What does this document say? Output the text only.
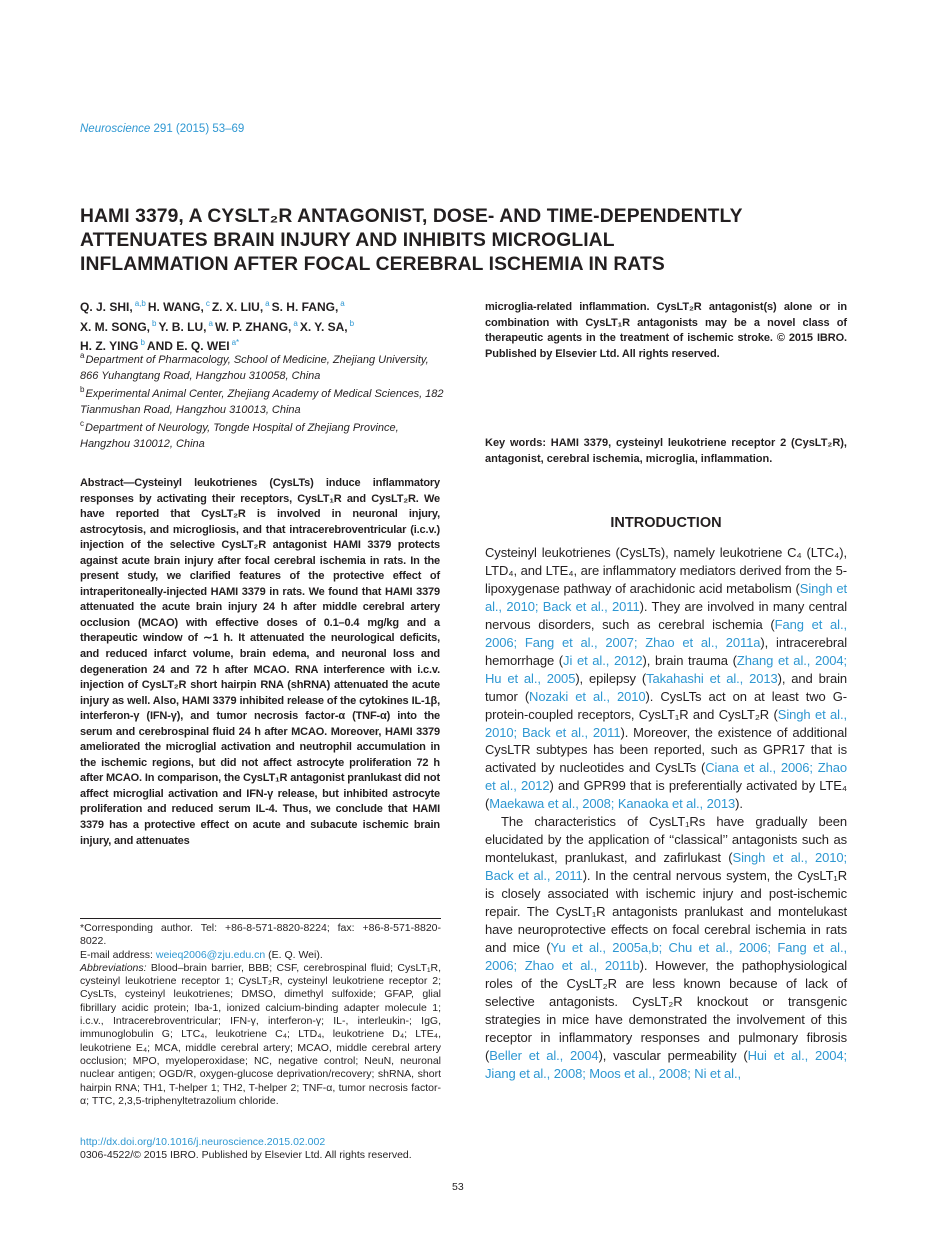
Neuroscience 291 (2015) 53–69
HAMI 3379, A CYSLT₂R ANTAGONIST, DOSE- AND TIME-DEPENDENTLY
ATTENUATES BRAIN INJURY AND INHIBITS MICROGLIAL
INFLAMMATION AFTER FOCAL CEREBRAL ISCHEMIA IN RATS
Q. J. SHI, $^{a,b}$ H. WANG, $^c$ Z. X. LIU, $^a$ S. H. FANG, $^a$
X. M. SONG, $^b$ Y. B. LU, $^a$ W. P. ZHANG, $^a$ X. Y. SA, $^b$
H. Z. YING $^b$ AND E. Q. WEI $^{a*}$
$^a$Department of Pharmacology, School of Medicine, Zhejiang University, 866 Yuhangtang Road, Hangzhou 310058, China
$^b$Experimental Animal Center, Zhejiang Academy of Medical Sciences, 182 Tianmushan Road, Hangzhou 310013, China
$^c$Department of Neurology, Tongde Hospital of Zhejiang Province, Hangzhou 310012, China
Abstract—Cysteinyl leukotrienes (CysLTs) induce inflammatory responses by activating their receptors, CysLT₁R and CysLT₂R. We have reported that CysLT₂R is involved in neuronal injury, astrocytosis, and microgliosis, and that intracerebroventricular (i.c.v.) injection of the selective CysLT₂R antagonist HAMI 3379 protects against acute brain injury after focal cerebral ischemia in rats. In the present study, we clarified features of the protective effect of intraperitoneally-injected HAMI 3379 in rats. We found that HAMI 3379 attenuated the acute brain injury 24 h after middle cerebral artery occlusion (MCAO) with effective doses of 0.1–0.4 mg/kg and a therapeutic window of ∼1 h. It attenuated the neurological deficits, and reduced infarct volume, brain edema, and neuronal loss and degeneration 24 and 72 h after MCAO. RNA interference with i.c.v. injection of CysLT₂R short hairpin RNA (shRNA) attenuated the acute injury as well. Also, HAMI 3379 inhibited release of the cytokines IL-1β, interferon-γ (IFN-γ), and tumor necrosis factor-α (TNF-α) into the serum and cerebrospinal fluid 24 h after MCAO. Moreover, HAMI 3379 ameliorated the microglial activation and neutrophil accumulation in the ischemic regions, but did not affect astrocyte proliferation 72 h after MCAO. In comparison, the CysLT₁R antagonist pranlukast did not affect microglial activation and IFN-γ release, but inhibited astrocyte proliferation and reduced serum IL-4. Thus, we conclude that HAMI 3379 has a protective effect on acute and subacute ischemic brain injury, and attenuates
microglia-related inflammation. CysLT₂R antagonist(s) alone or in combination with CysLT₁R antagonists may be a novel class of therapeutic agents in the treatment of ischemic stroke. © 2015 IBRO. Published by Elsevier Ltd. All rights reserved.
Key words: HAMI 3379, cysteinyl leukotriene receptor 2 (CysLT₂R), antagonist, cerebral ischemia, microglia, inflammation.
INTRODUCTION

Cysteinyl leukotrienes (CysLTs), namely leukotriene C₄ (LTC₄), LTD₄, and LTE₄, are inflammatory mediators derived from the 5-lipoxygenase pathway of arachidonic acid metabolism (Singh et al., 2010; Back et al., 2011). They are involved in many central nervous disorders, such as cerebral ischemia (Fang et al., 2006; Fang et al., 2007; Zhao et al., 2011a), intracerebral hemorrhage (Ji et al., 2012), brain trauma (Zhang et al., 2004; Hu et al., 2005), epilepsy (Takahashi et al., 2013), and brain tumor (Nozaki et al., 2010). CysLTs act on at least two G-protein-coupled receptors, CysLT₁R and CysLT₂R (Singh et al., 2010; Back et al., 2011). Moreover, the existence of additional CysLTR subtypes has been reported, such as GPR17 that is activated by nucleotides and CysLTs (Ciana et al., 2006; Zhao et al., 2012) and GPR99 that is preferentially activated by LTE₄ (Maekawa et al., 2008; Kanaoka et al., 2013).

The characteristics of CysLT₁Rs have gradually been elucidated by the application of ‘‘classical’’ antagonists such as montelukast, pranlukast, and zafirlukast (Singh et al., 2010; Back et al., 2011). In the central nervous system, the CysLT₁R is closely associated with ischemic injury and post-ischemic repair. The CysLT₁R antagonists pranlukast and montelukast have neuroprotective effects on focal cerebral ischemia in rats and mice (Yu et al., 2005a,b; Chu et al., 2006; Fang et al., 2006; Zhao et al., 2011b). However, the pathophysiological roles of the CysLT₂R are less known because of lack of selective antagonists. CysLT₂R knockout or transgenic strategies in mice have demonstrated the involvement of this receptor in inflammatory responses and pulmonary fibrosis (Beller et al., 2004), vascular permeability (Hui et al., 2004; Jiang et al., 2008; Moos et al., 2008; Ni et al.,

*Corresponding author. Tel: +86-8-571-8820-8224; fax: +86-8-571-8820-8022.
E-mail address: weieq2006@zju.edu.cn (E. Q. Wei).
Abbreviations: Blood–brain barrier, BBB; CSF, cerebrospinal fluid; CysLT₁R, cysteinyl leukotriene receptor 1; CysLT₂R, cysteinyl leukotriene receptor 2; CysLTs, cysteinyl leukotrienes; DMSO, dimethyl sulfoxide; GFAP, glial fibrillary acidic protein; Iba-1, ionized calcium-binding adapter molecule 1; i.c.v., Intracerebroventricular; IFN-γ, interferon-γ; IL-, interleukin-; IgG, immunoglobulin G; LTC₄, leukotriene C₄; LTD₄, leukotriene D₄; LTE₄, leukotriene E₄; MCA, middle cerebral artery; MCAO, middle cerebral artery occlusion; MPO, myeloperoxidase; NC, negative control; NeuN, neuronal nuclear antigen; OGD/R, oxygen-glucose deprivation/recovery; shRNA, short hairpin RNA; TH1, T-helper 1; TH2, T-helper 2; TNF-α, tumor necrosis factor-α; TTC, 2,3,5-triphenyltetrazolium chloride.
http://dx.doi.org/10.1016/j.neuroscience.2015.02.002
0306-4522/© 2015 IBRO. Published by Elsevier Ltd. All rights reserved.
53
